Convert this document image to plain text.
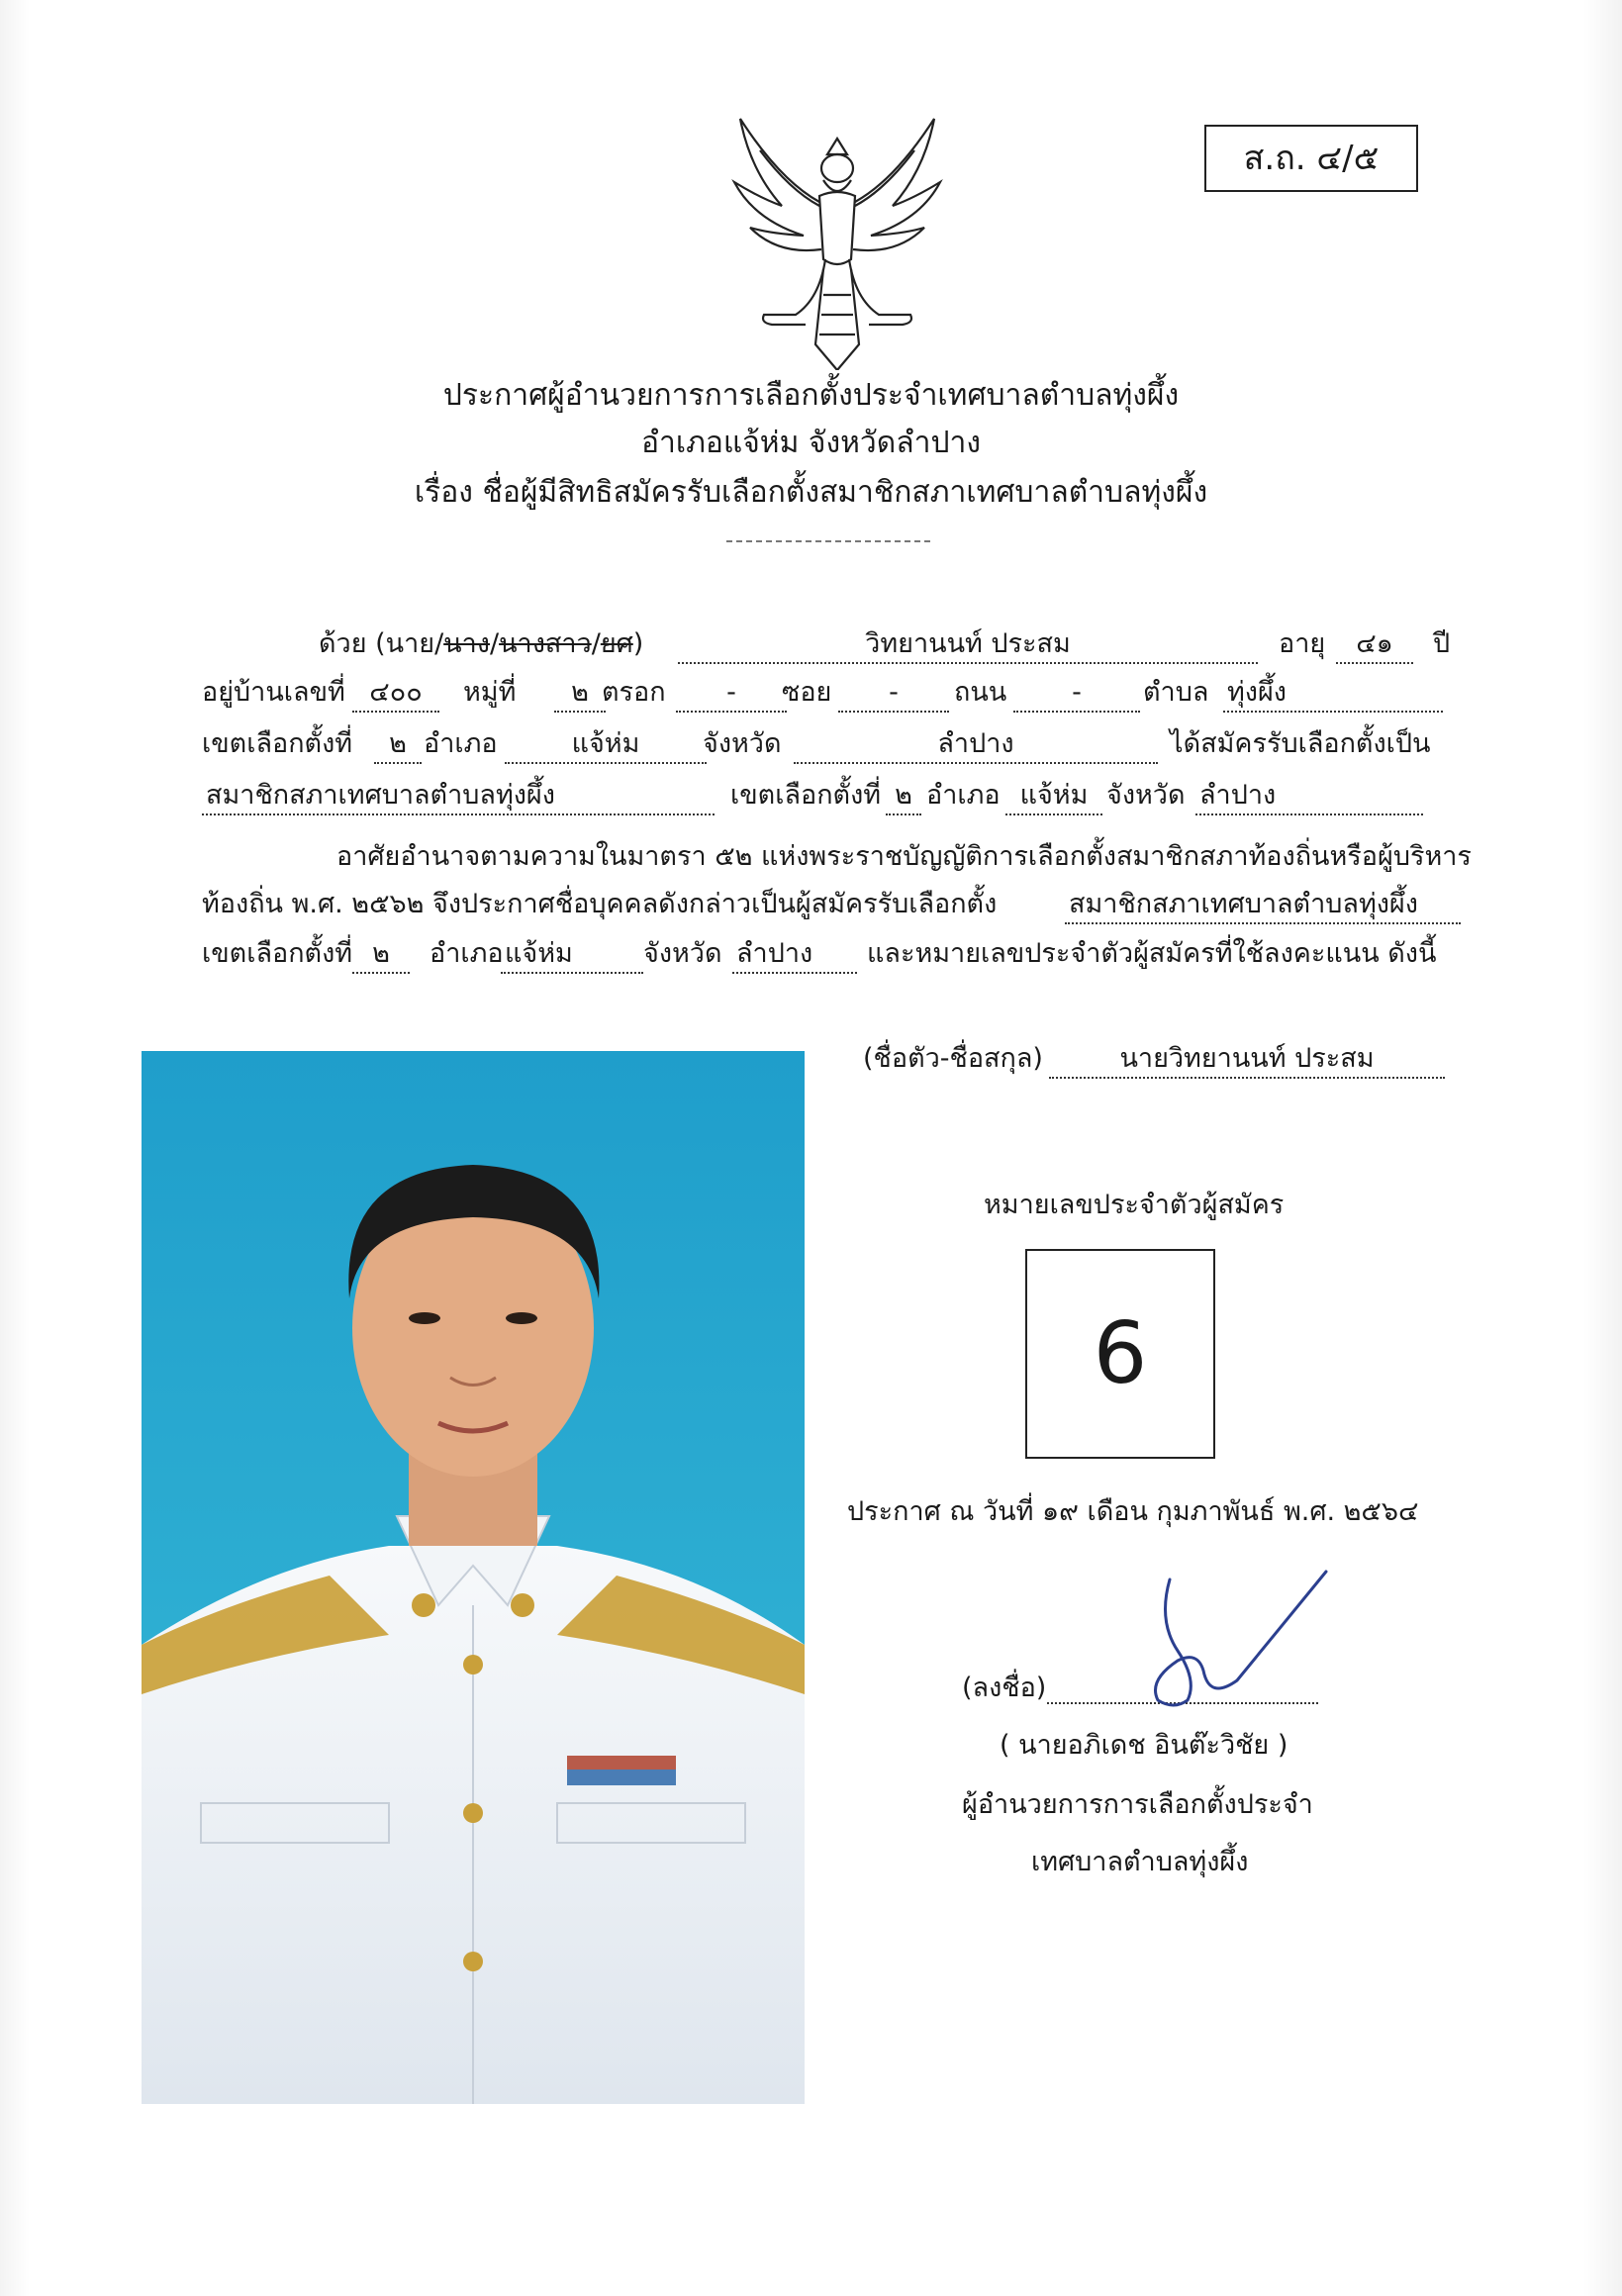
ส.ถ. ๔/๕
ประกาศผู้อำนวยการการเลือกตั้งประจำเทศบาลตำบลทุ่งผึ้ง
อำเภอแจ้ห่ม จังหวัดลำปาง
เรื่อง ชื่อผู้มีสิทธิสมัครรับเลือกตั้งสมาชิกสภาเทศบาลตำบลทุ่งผึ้ง
ด้วย (นาย/นาง/นางสาว/ยศ)	วิทยานนท์ ประสม	อายุ	๔๑	ปี
อยู่บ้านเลขที่ ๔๐๐	หมู่ที่	๒ ตรอก	-	ซอย	-	ถนน	-	ตำบล ทุ่งผึ้ง
เขตเลือกตั้งที่	๒ อำเภอ	แจ้ห่ม	จังหวัด	ลำปาง	ได้สมัครรับเลือกตั้งเป็น
สมาชิกสภาเทศบาลตำบลทุ่งผึ้ง	เขตเลือกตั้งที่ ๒ อำเภอ แจ้ห่ม จังหวัด ลำปาง
อาศัยอำนาจตามความในมาตรา ๕๒ แห่งพระราชบัญญัติการเลือกตั้งสมาชิกสภาท้องถิ่นหรือผู้บริหาร
ท้องถิ่น พ.ศ. ๒๕๖๒ จึงประกาศชื่อบุคคลดังกล่าวเป็นผู้สมัครรับเลือกตั้ง	สมาชิกสภาเทศบาลตำบลทุ่งผึ้ง
เขตเลือกตั้งที่ ๒	อำเภอ แจ้ห่ม	จังหวัด ลำปาง	และหมายเลขประจำตัวผู้สมัครที่ใช้ลงคะแนน ดังนี้
(ชื่อตัว-ชื่อสกุล)	นายวิทยานนท์ ประสม
หมายเลขประจำตัวผู้สมัคร
6
ประกาศ ณ วันที่ ๑๙ เดือน กุมภาพันธ์ พ.ศ. ๒๕๖๔
(ลงชื่อ)
( นายอภิเดช อินต๊ะวิชัย )
ผู้อำนวยการการเลือกตั้งประจำ
เทศบาลตำบลทุ่งผึ้ง
